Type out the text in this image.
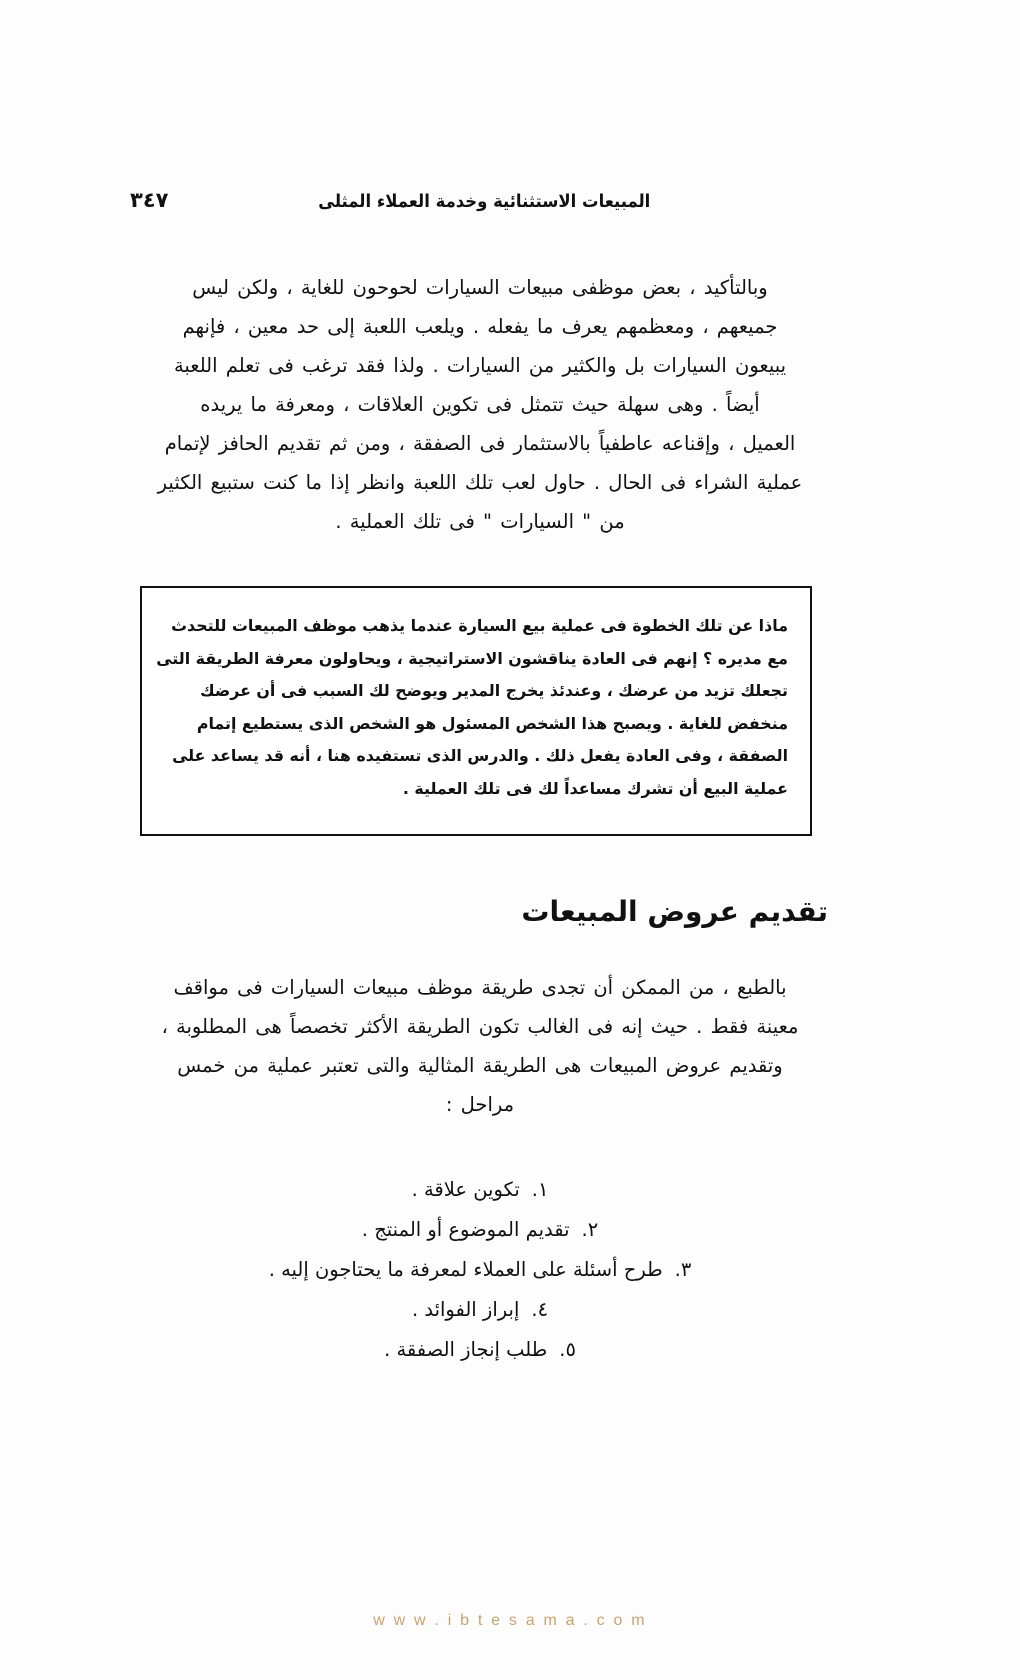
المبيعات الاستثنائية وخدمة العملاء المثلى
٣٤٧
وبالتأكيد ، بعض موظفى مبيعات السيارات لحوحون للغاية ، ولكن ليس
جميعهم ، ومعظمهم يعرف ما يفعله . ويلعب اللعبة إلى حد معين ، فإنهم
يبيعون السيارات بل والكثير من السيارات . ولذا فقد ترغب فى تعلم اللعبة
أيضاً . وهى سهلة حيث تتمثل فى تكوين العلاقات ، ومعرفة ما يريده
العميل ، وإقناعه عاطفياً بالاستثمار فى الصفقة ، ومن ثم تقديم الحافز لإتمام
عملية الشراء فى الحال . حاول لعب تلك اللعبة وانظر إذا ما كنت ستبيع الكثير
من " السيارات " فى تلك العملية .
ماذا عن تلك الخطوة فى عملية بيع السيارة عندما يذهب موظف المبيعات للتحدث
مع مديره ؟ إنهم فى العادة يناقشون الاستراتيجية ، ويحاولون معرفة الطريقة التى
تجعلك تزيد من عرضك ، وعندئذ يخرج المدير ويوضح لك السبب فى أن عرضك
منخفض للغاية . ويصبح هذا الشخص المسئول هو الشخص الذى يستطيع إتمام
الصفقة ، وفى العادة يفعل ذلك . والدرس الذى تستفيده هنا ، أنه قد يساعد على
عملية البيع أن تشرك مساعداً لك فى تلك العملية .
تقديم عروض المبيعات
بالطبع ، من الممكن أن تجدى طريقة موظف مبيعات السيارات فى مواقف
معينة فقط . حيث إنه فى الغالب تكون الطريقة الأكثر تخصصاً هى المطلوبة ،
وتقديم عروض المبيعات هى الطريقة المثالية والتى تعتبر عملية من خمس
مراحل :
١.
تكوين علاقة .
٢.
تقديم الموضوع أو المنتج .
٣.
طرح أسئلة على العملاء لمعرفة ما يحتاجون إليه .
٤.
إبراز الفوائد .
٥.
طلب إنجاز الصفقة .
w w w . i b t e s a m a . c o m
